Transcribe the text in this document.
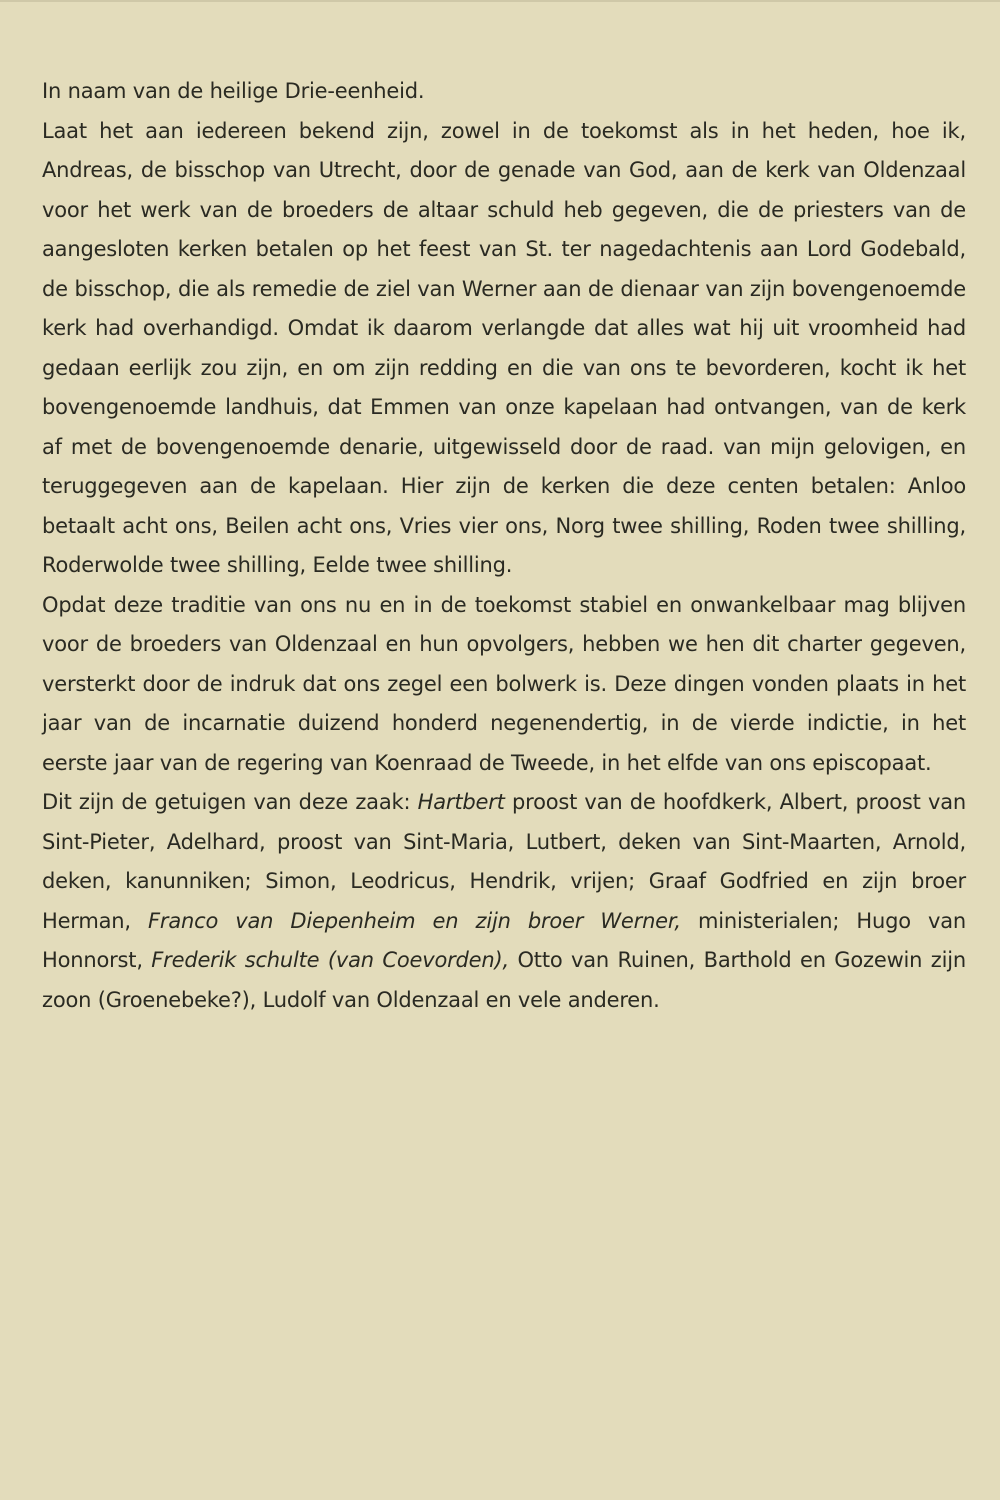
In naam van de heilige Drie-eenheid.

Laat het aan iedereen bekend zijn, zowel in de toekomst als in het heden, hoe ik, Andreas, de bisschop van Utrecht, door de genade van God, aan de kerk van Oldenzaal voor het werk van de broeders de altaar schuld heb gegeven, die de priesters van de aangesloten kerken betalen op het feest van St. ter nagedachtenis aan Lord Godebald, de bisschop, die als remedie de ziel van Werner aan de dienaar van zijn bovengenoemde kerk had overhandigd. Omdat ik daarom verlangde dat alles wat hij uit vroomheid had gedaan eerlijk zou zijn, en om zijn redding en die van ons te bevorderen, kocht ik het bovengenoemde landhuis, dat Emmen van onze kapelaan had ontvangen, van de kerk af met de bovengenoemde denarie, uitgewisseld door de raad. van mijn gelovigen, en teruggegeven aan de kapelaan. Hier zijn de kerken die deze centen betalen: Anloo betaalt acht ons, Beilen acht ons, Vries vier ons, Norg twee shilling, Roden twee shilling, Roderwolde twee shilling, Eelde twee shilling.

Opdat deze traditie van ons nu en in de toekomst stabiel en onwankelbaar mag blijven voor de broeders van Oldenzaal en hun opvolgers, hebben we hen dit charter gegeven, versterkt door de indruk dat ons zegel een bolwerk is. Deze dingen vonden plaats in het jaar van de incarnatie duizend honderd negenendertig, in de vierde indictie, in het eerste jaar van de regering van Koenraad de Tweede, in het elfde van ons episcopaat.

Dit zijn de getuigen van deze zaak: Hartbert proost van de hoofdkerk, Albert, proost van Sint-Pieter, Adelhard, proost van Sint-Maria, Lutbert, deken van Sint-Maarten, Arnold, deken, kanunniken; Simon, Leodricus, Hendrik, vrijen; Graaf Godfried en zijn broer Herman, Franco van Diepenheim en zijn broer Werner, ministerialen; Hugo van Honnorst, Frederik schulte (van Coevorden), Otto van Ruinen, Barthold en Gozewin zijn zoon (Groenebeke?), Ludolf van Oldenzaal en vele anderen.
